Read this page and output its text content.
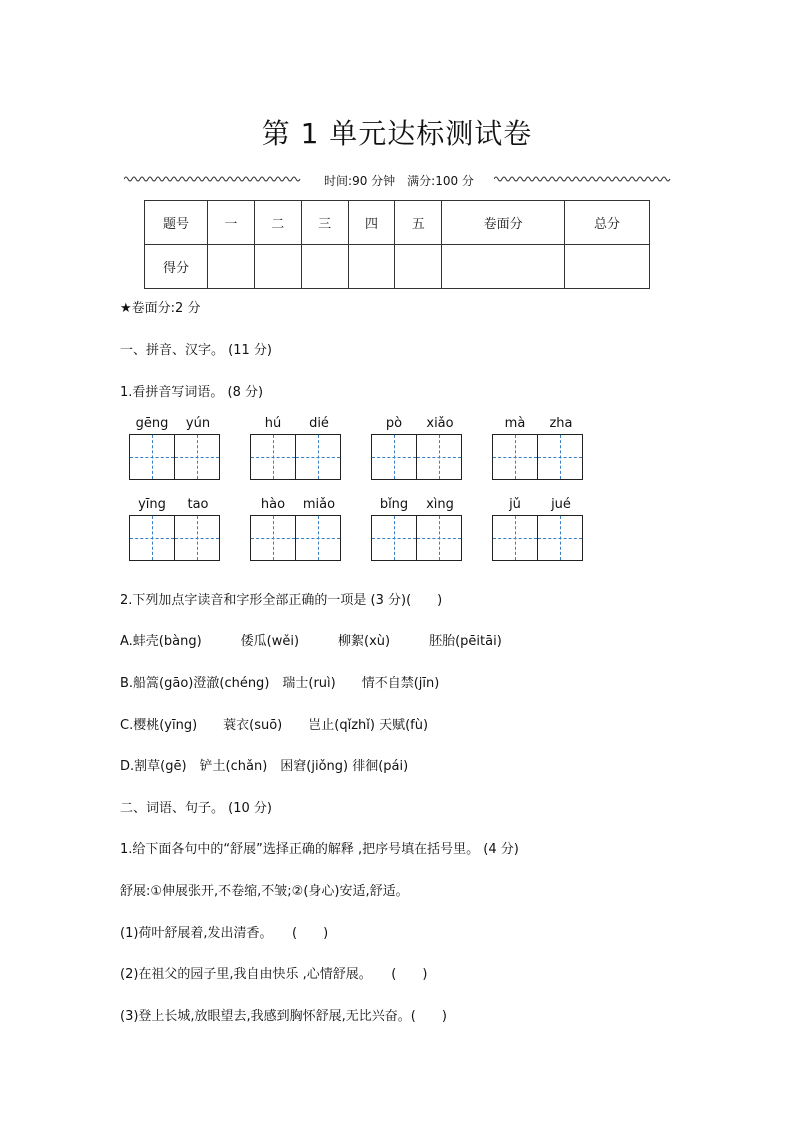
第 1 单元达标测试卷
时间:90 分钟　满分:100 分
题号	一	二	三	四	五	卷面分	总分
得分							
★卷面分:2 分
一、拼音、汉字。 (11 分)
1.看拼音写词语。 (8 分)
gēng	yún	hú	dié	pò	xiǎo	mà	zha
yīng	tao	hào	miǎo	bǐng	xìng	jǔ	jué
2.下列加点字读音和字形全部正确的一项是 (3 分)(　　)
A.蚌壳(bàng)　　　倭瓜(wěi)　　　柳絮(xù)　　　胚胎(pēitāi)
B.船篙(gāo)澄澈(chéng)　瑞士(ruì)　　情不自禁(jīn)
C.樱桃(yīng)　　蓑衣(suō)　　岂止(qǐzhǐ) 天赋(fù)
D.割草(gē)　铲土(chǎn)　困窘(jiǒng) 徘徊(pái)
二、词语、句子。 (10 分)
1.给下面各句中的“舒展”选择正确的解释 ,把序号填在括号里。 (4 分)
舒展:①伸展张开,不卷缩,不皱;②(身心)安适,舒适。
(1)荷叶舒展着,发出清香。　　(　　)
(2)在祖父的园子里,我自由快乐 ,心情舒展。　　(　　)
(3)登上长城,放眼望去,我感到胸怀舒展,无比兴奋。(　　)
